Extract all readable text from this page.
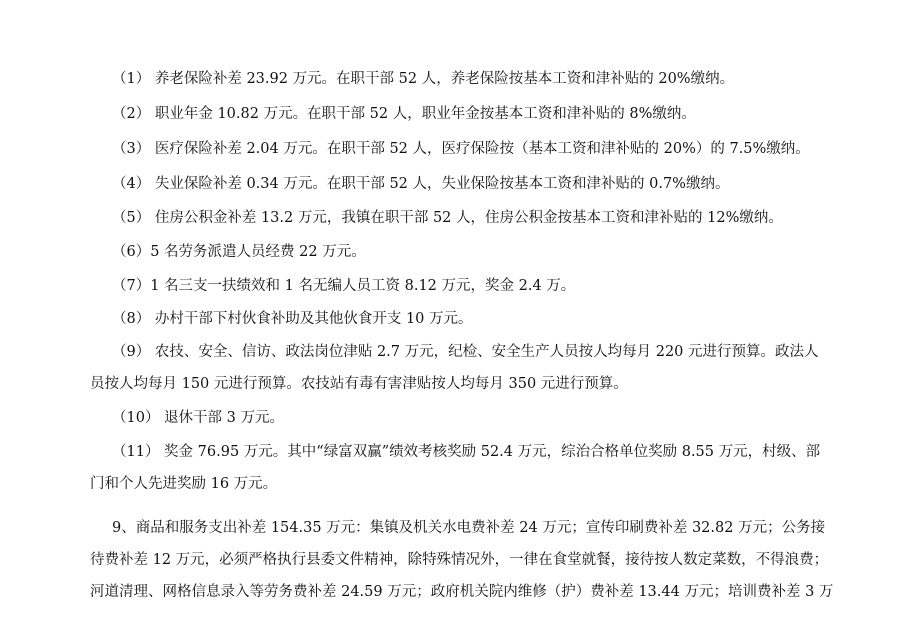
（1） 养老保险补差 23.92 万元。在职干部 52 人，养老保险按基本工资和津补贴的 20%缴纳。
（2） 职业年金 10.82 万元。在职干部 52 人，职业年金按基本工资和津补贴的 8%缴纳。
（3） 医疗保险补差 2.04 万元。在职干部 52 人，医疗保险按（基本工资和津补贴的 20%）的 7.5%缴纳。
（4） 失业保险补差 0.34 万元。在职干部 52 人，失业保险按基本工资和津补贴的 0.7%缴纳。
（5） 住房公积金补差 13.2 万元，我镇在职干部 52 人，住房公积金按基本工资和津补贴的 12%缴纳。
（6）5 名劳务派遣人员经费 22 万元。
（7）1 名三支一扶绩效和 1 名无编人员工资 8.12 万元，奖金 2.4 万。
（8） 办村干部下村伙食补助及其他伙食开支 10 万元。
（9） 农技、安全、信访、政法岗位津贴 2.7 万元，纪检、安全生产人员按人均每月 220 元进行预算。政法人
员按人均每月 150 元进行预算。农技站有毒有害津贴按人均每月 350 元进行预算。
（10） 退休干部 3 万元。
（11） 奖金 76.95 万元。其中“绿富双赢”绩效考核奖励 52.4 万元，综治合格单位奖励 8.55 万元，村级、部
门和个人先进奖励 16 万元。
9、商品和服务支出补差 154.35 万元：集镇及机关水电费补差 24 万元；宣传印刷费补差 32.82 万元；公务接
待费补差 12 万元，必须严格执行县委文件精神，除特殊情况外，一律在食堂就餐，接待按人数定菜数，不得浪费；
河道清理、网格信息录入等劳务费补差 24.59 万元；政府机关院内维修（护）费补差 13.44 万元；培训费补差 3 万
